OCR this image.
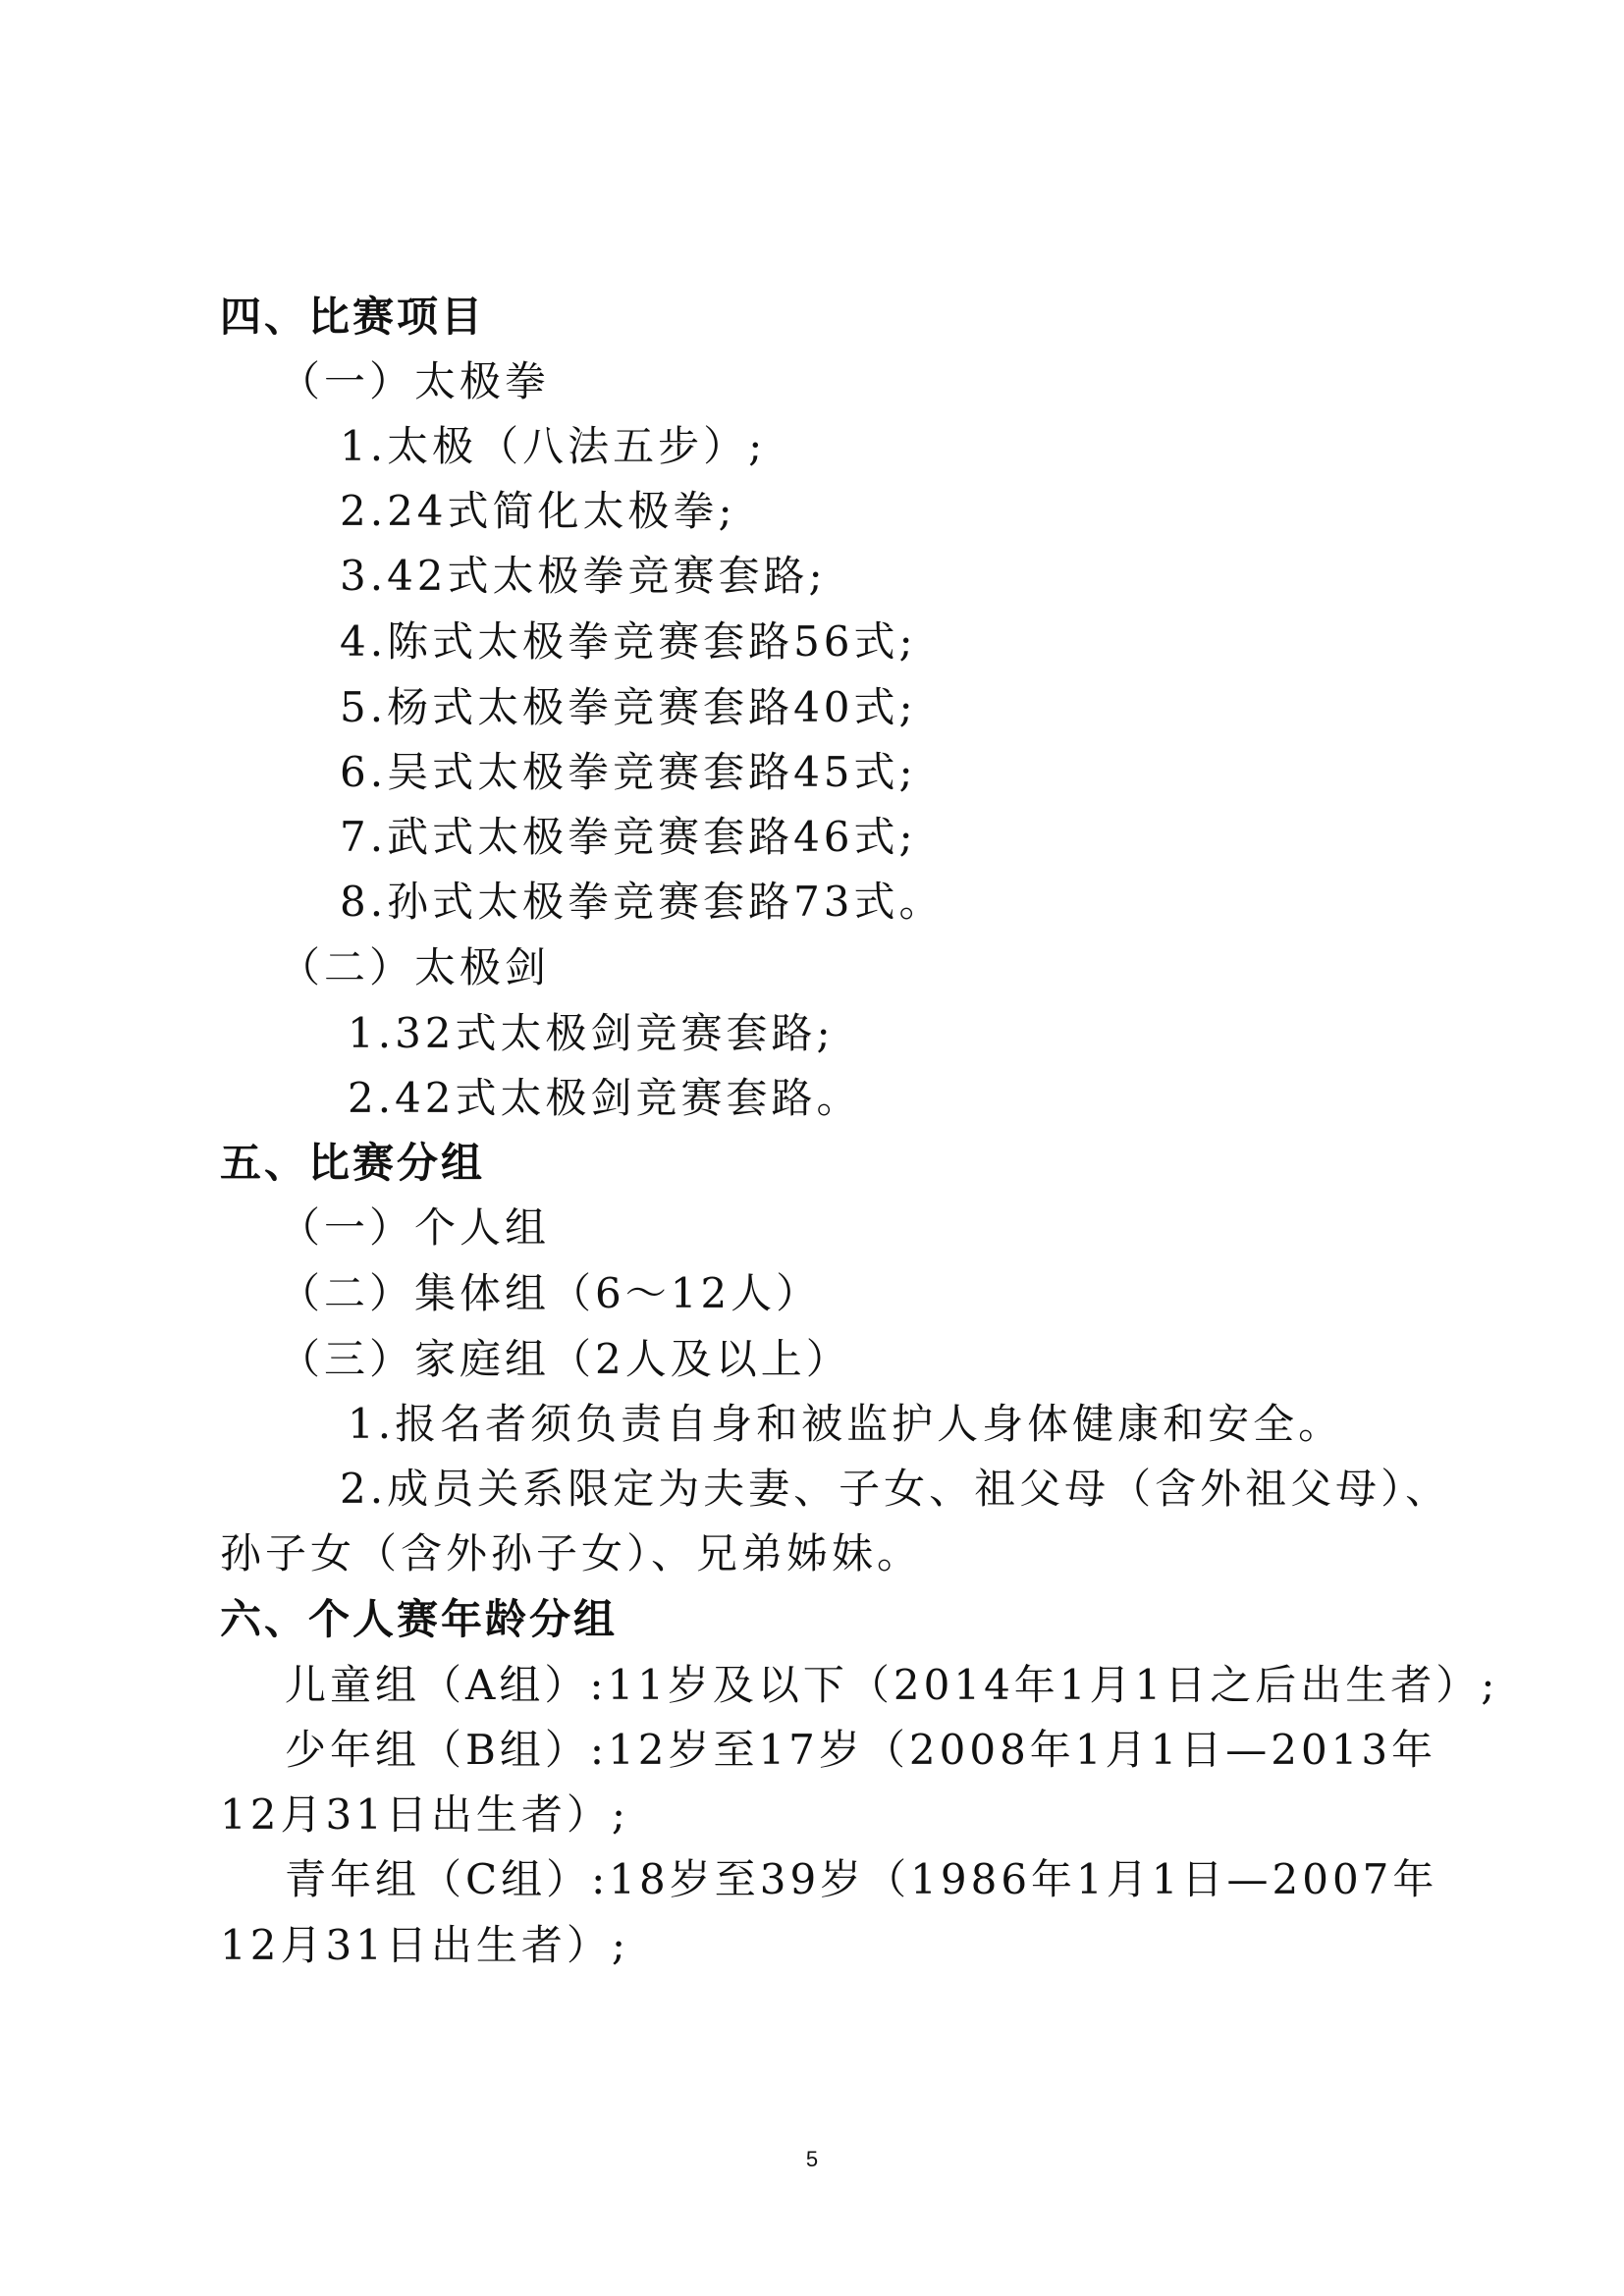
四、比赛项目
（一）太极拳
1.太极（八法五步）;
2.24式简化太极拳;
3.42式太极拳竞赛套路;
4.陈式太极拳竞赛套路56式;
5.杨式太极拳竞赛套路40式;
6.吴式太极拳竞赛套路45式;
7.武式太极拳竞赛套路46式;
8.孙式太极拳竞赛套路73式。
（二）太极剑
1.32式太极剑竞赛套路;
2.42式太极剑竞赛套路。
五、比赛分组
（一）个人组
（二）集体组（6～12人）
（三）家庭组（2人及以上）
1.报名者须负责自身和被监护人身体健康和安全。
2.成员关系限定为夫妻、子女、祖父母（含外祖父母）、
孙子女（含外孙子女）、兄弟姊妹。
六、个人赛年龄分组
儿童组（A组）:11岁及以下（2014年1月1日之后出生者）;
少年组（B组）:12岁至17岁（2008年1月1日—2013年
12月31日出生者）;
青年组（C组）:18岁至39岁（1986年1月1日—2007年
12月31日出生者）;
5
